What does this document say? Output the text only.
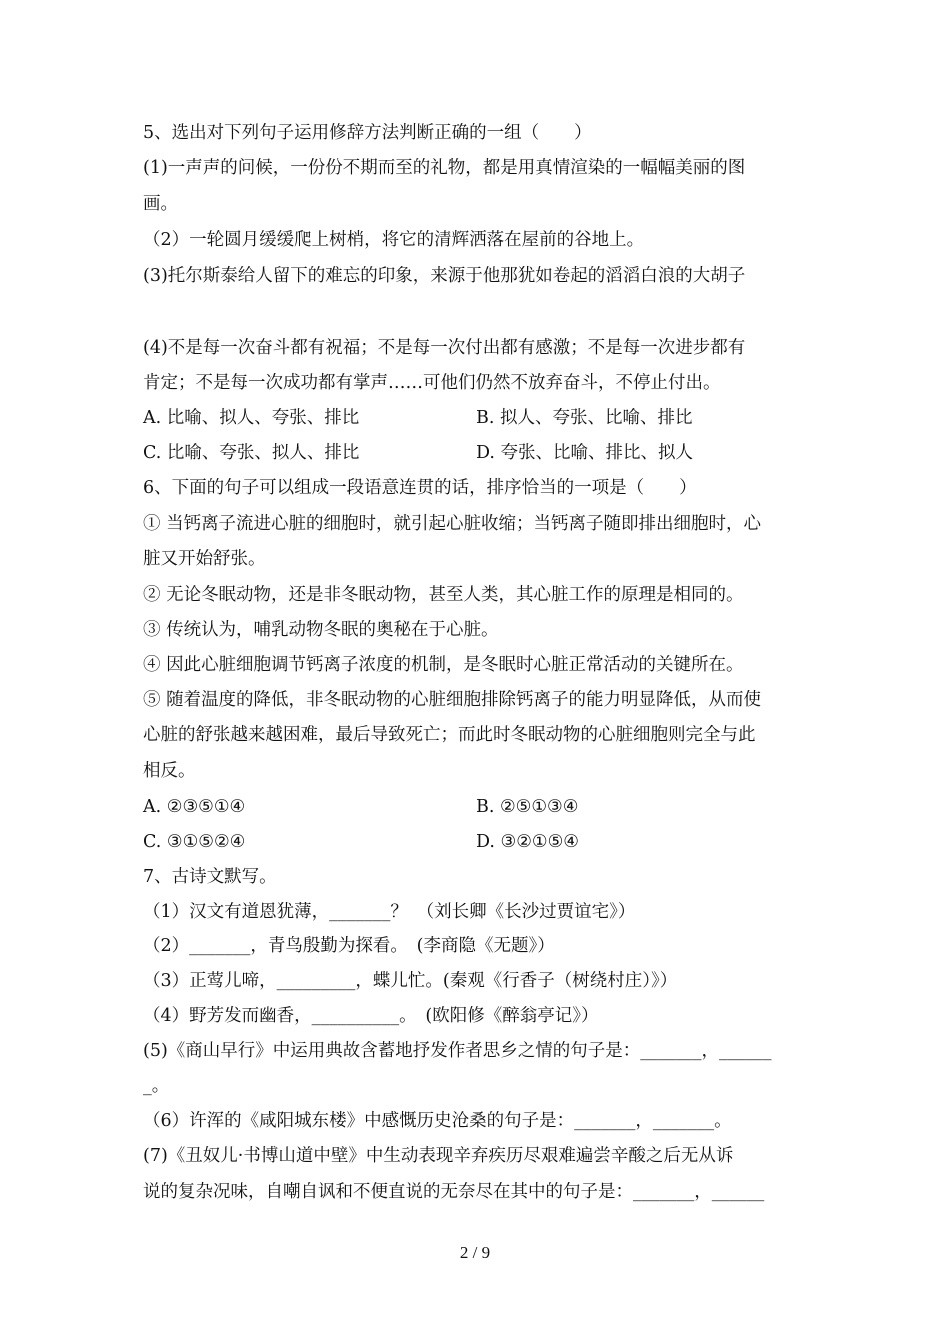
5、选出对下列句子运用修辞方法判断正确的一组（　　）
(1)一声声的问候，一份份不期而至的礼物，都是用真情渲染的一幅幅美丽的图
画。
（2）一轮圆月缓缓爬上树梢，将它的清辉洒落在屋前的谷地上。
(3)托尔斯泰给人留下的难忘的印象，来源于他那犹如卷起的滔滔白浪的大胡子
(4)不是每一次奋斗都有祝福；不是每一次付出都有感激；不是每一次进步都有
肯定；不是每一次成功都有掌声……可他们仍然不放弃奋斗，不停止付出。
A. 比喻、拟人、夸张、排比	B. 拟人、夸张、比喻、排比
C. 比喻、夸张、拟人、排比	D. 夸张、比喻、排比、拟人
6、下面的句子可以组成一段语意连贯的话，排序恰当的一项是（　　）
① 当钙离子流进心脏的细胞时，就引起心脏收缩；当钙离子随即排出细胞时，心
脏又开始舒张。
② 无论冬眠动物，还是非冬眠动物，甚至人类，其心脏工作的原理是相同的。
③ 传统认为，哺乳动物冬眠的奥秘在于心脏。
④ 因此心脏细胞调节钙离子浓度的机制，是冬眠时心脏正常活动的关键所在。
⑤ 随着温度的降低，非冬眠动物的心脏细胞排除钙离子的能力明显降低，从而使
心脏的舒张越来越困难，最后导致死亡；而此时冬眠动物的心脏细胞则完全与此
相反。
A. ②③⑤①④	B. ②⑤①③④
C. ③①⑤②④	D. ③②①⑤④
7、古诗文默写。
（1）汉文有道恩犹薄，_______？　（刘长卿《长沙过贾谊宅》）
（2）_______，青鸟殷勤为探看。　(李商隐《无题》）
（3）正莺儿啼，_________，蝶儿忙。(秦观《行香子（树绕村庄）》）
（4）野芳发而幽香，__________。　(欧阳修《醉翁亭记》）
(5)《商山早行》中运用典故含蓄地抒发作者思乡之情的句子是：_______，______
_。
（6）许浑的《咸阳城东楼》中感慨历史沧桑的句子是：_______，_______。
(7)《丑奴儿·书博山道中壁》中生动表现辛弃疾历尽艰难遍尝辛酸之后无从诉
说的复杂况味，自嘲自讽和不便直说的无奈尽在其中的句子是：_______，______
2 / 9
